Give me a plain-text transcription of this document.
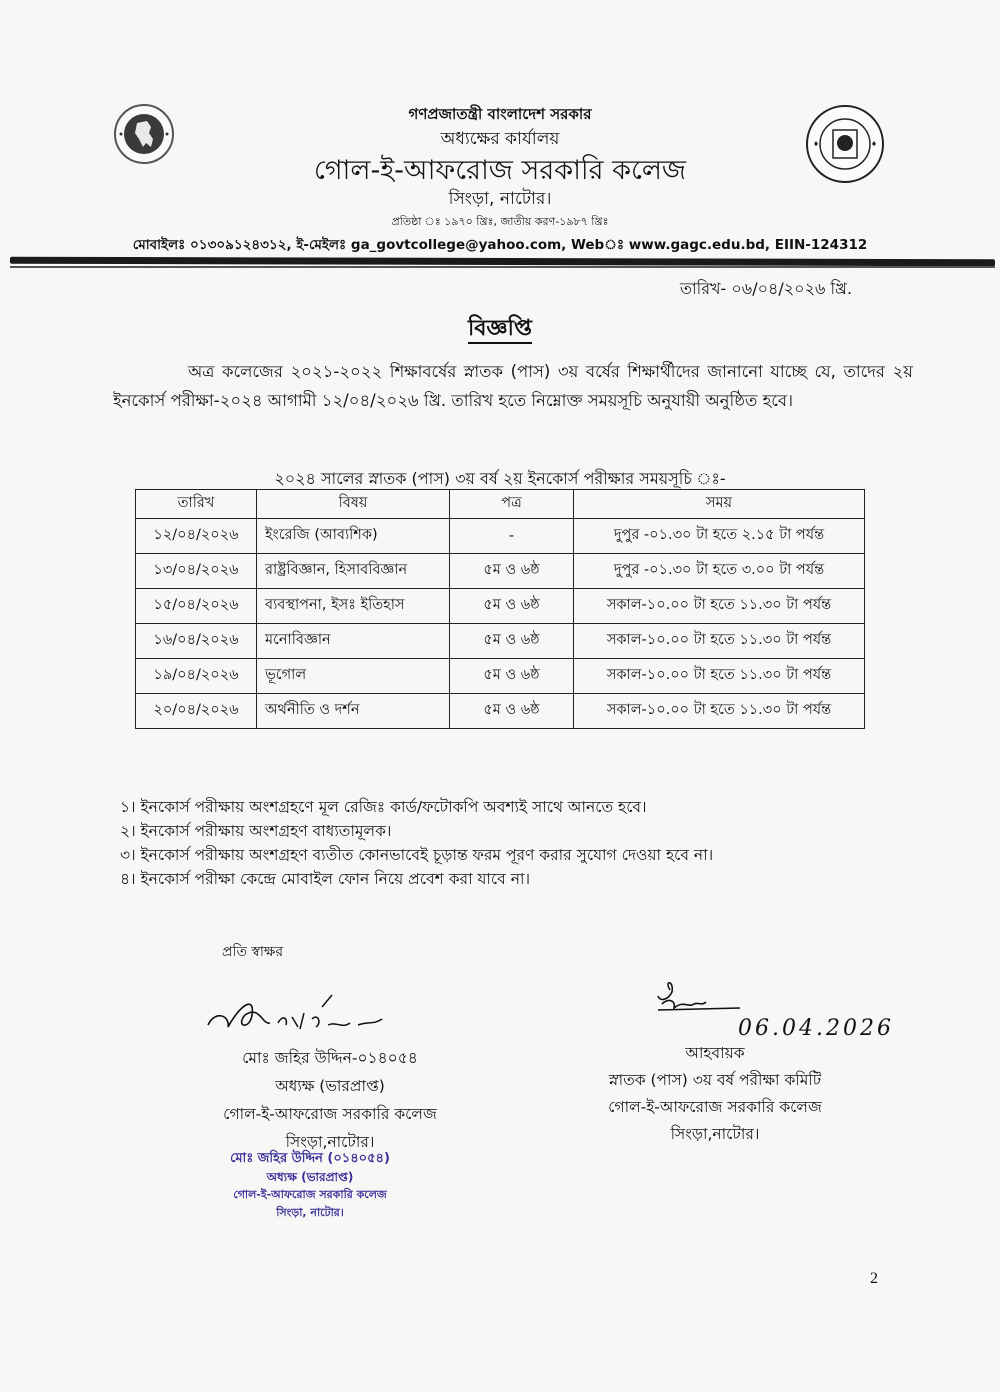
গণপ্রজাতন্ত্রী বাংলাদেশ সরকার
অধ্যক্ষের কার্যালয়
গোল-ই-আফরোজ সরকারি কলেজ
সিংড়া, নাটোর।
প্রতিষ্ঠা ঃ ১৯৭০ খ্রিঃ, জাতীয় করণ-১৯৮৭ খ্রিঃ
মোবাইলঃ ০১৩০৯১২৪৩১২, ই-মেইলঃ ga_govtcollege@yahoo.com, Webঃ www.gagc.edu.bd, EIIN-124312
তারিখ- ০৬/০৪/২০২৬ খ্রি.
বিজ্ঞপ্তি
অত্র কলেজের ২০২১-২০২২ শিক্ষাবর্ষের স্নাতক (পাস) ৩য় বর্ষের শিক্ষার্থীদের জানানো যাচ্ছে যে, তাদের ২য় ইনকোর্স পরীক্ষা-২০২৪ আগামী ১২/০৪/২০২৬ খ্রি. তারিখ হতে নিম্নোক্ত সময়সূচি অনুযায়ী অনুষ্ঠিত হবে।
২০২৪ সালের স্নাতক (পাস) ৩য় বর্ষ ২য় ইনকোর্স পরীক্ষার সময়সূচি ঃ-
তারিখ	বিষয়	পত্র	সময়
১২/০৪/২০২৬	ইংরেজি (আব্যশিক)	-	দুপুর -০১.৩০ টা হতে ২.১৫ টা পর্যন্ত
১৩/০৪/২০২৬	রাষ্ট্রবিজ্ঞান, হিসাববিজ্ঞান	৫ম ও ৬ষ্ঠ	দুপুর -০১.৩০ টা হতে ৩.০০ টা পর্যন্ত
১৫/০৪/২০২৬	ব্যবস্থাপনা, ইসঃ ইতিহাস	৫ম ও ৬ষ্ঠ	সকাল-১০.০০ টা হতে ১১.৩০ টা পর্যন্ত
১৬/০৪/২০২৬	মনোবিজ্ঞান	৫ম ও ৬ষ্ঠ	সকাল-১০.০০ টা হতে ১১.৩০ টা পর্যন্ত
১৯/০৪/২০২৬	ভূগোল	৫ম ও ৬ষ্ঠ	সকাল-১০.০০ টা হতে ১১.৩০ টা পর্যন্ত
২০/০৪/২০২৬	অর্থনীতি ও দর্শন	৫ম ও ৬ষ্ঠ	সকাল-১০.০০ টা হতে ১১.৩০ টা পর্যন্ত
১। ইনকোর্স পরীক্ষায় অংশগ্রহণে মূল রেজিঃ কার্ড/ফটোকপি অবশ্যই সাথে আনতে হবে।
২। ইনকোর্স পরীক্ষায় অংশগ্রহণ বাধ্যতামূলক।
৩। ইনকোর্স পরীক্ষায় অংশগ্রহণ ব্যতীত কোনভাবেই চূড়ান্ত ফরম পূরণ করার সুযোগ দেওয়া হবে না।
৪। ইনকোর্স পরীক্ষা কেন্দ্রে মোবাইল ফোন নিয়ে প্রবেশ করা যাবে না।
প্রতি স্বাক্ষর
মোঃ জহির উদ্দিন-০১৪০৫৪
অধ্যক্ষ (ভারপ্রাপ্ত)
গোল-ই-আফরোজ সরকারি কলেজ
সিংড়া,নাটোর।
মোঃ জহির উদ্দিন (০১৪০৫৪)
অধ্যক্ষ (ভারপ্রাপ্ত)
গোল-ই-আফরোজ সরকারি কলেজ
সিংড়া, নাটোর।
06.04.2026
আহবায়ক
স্নাতক (পাস) ৩য় বর্ষ পরীক্ষা কমিটি
গোল-ই-আফরোজ সরকারি কলেজ
সিংড়া,নাটোর।
2
